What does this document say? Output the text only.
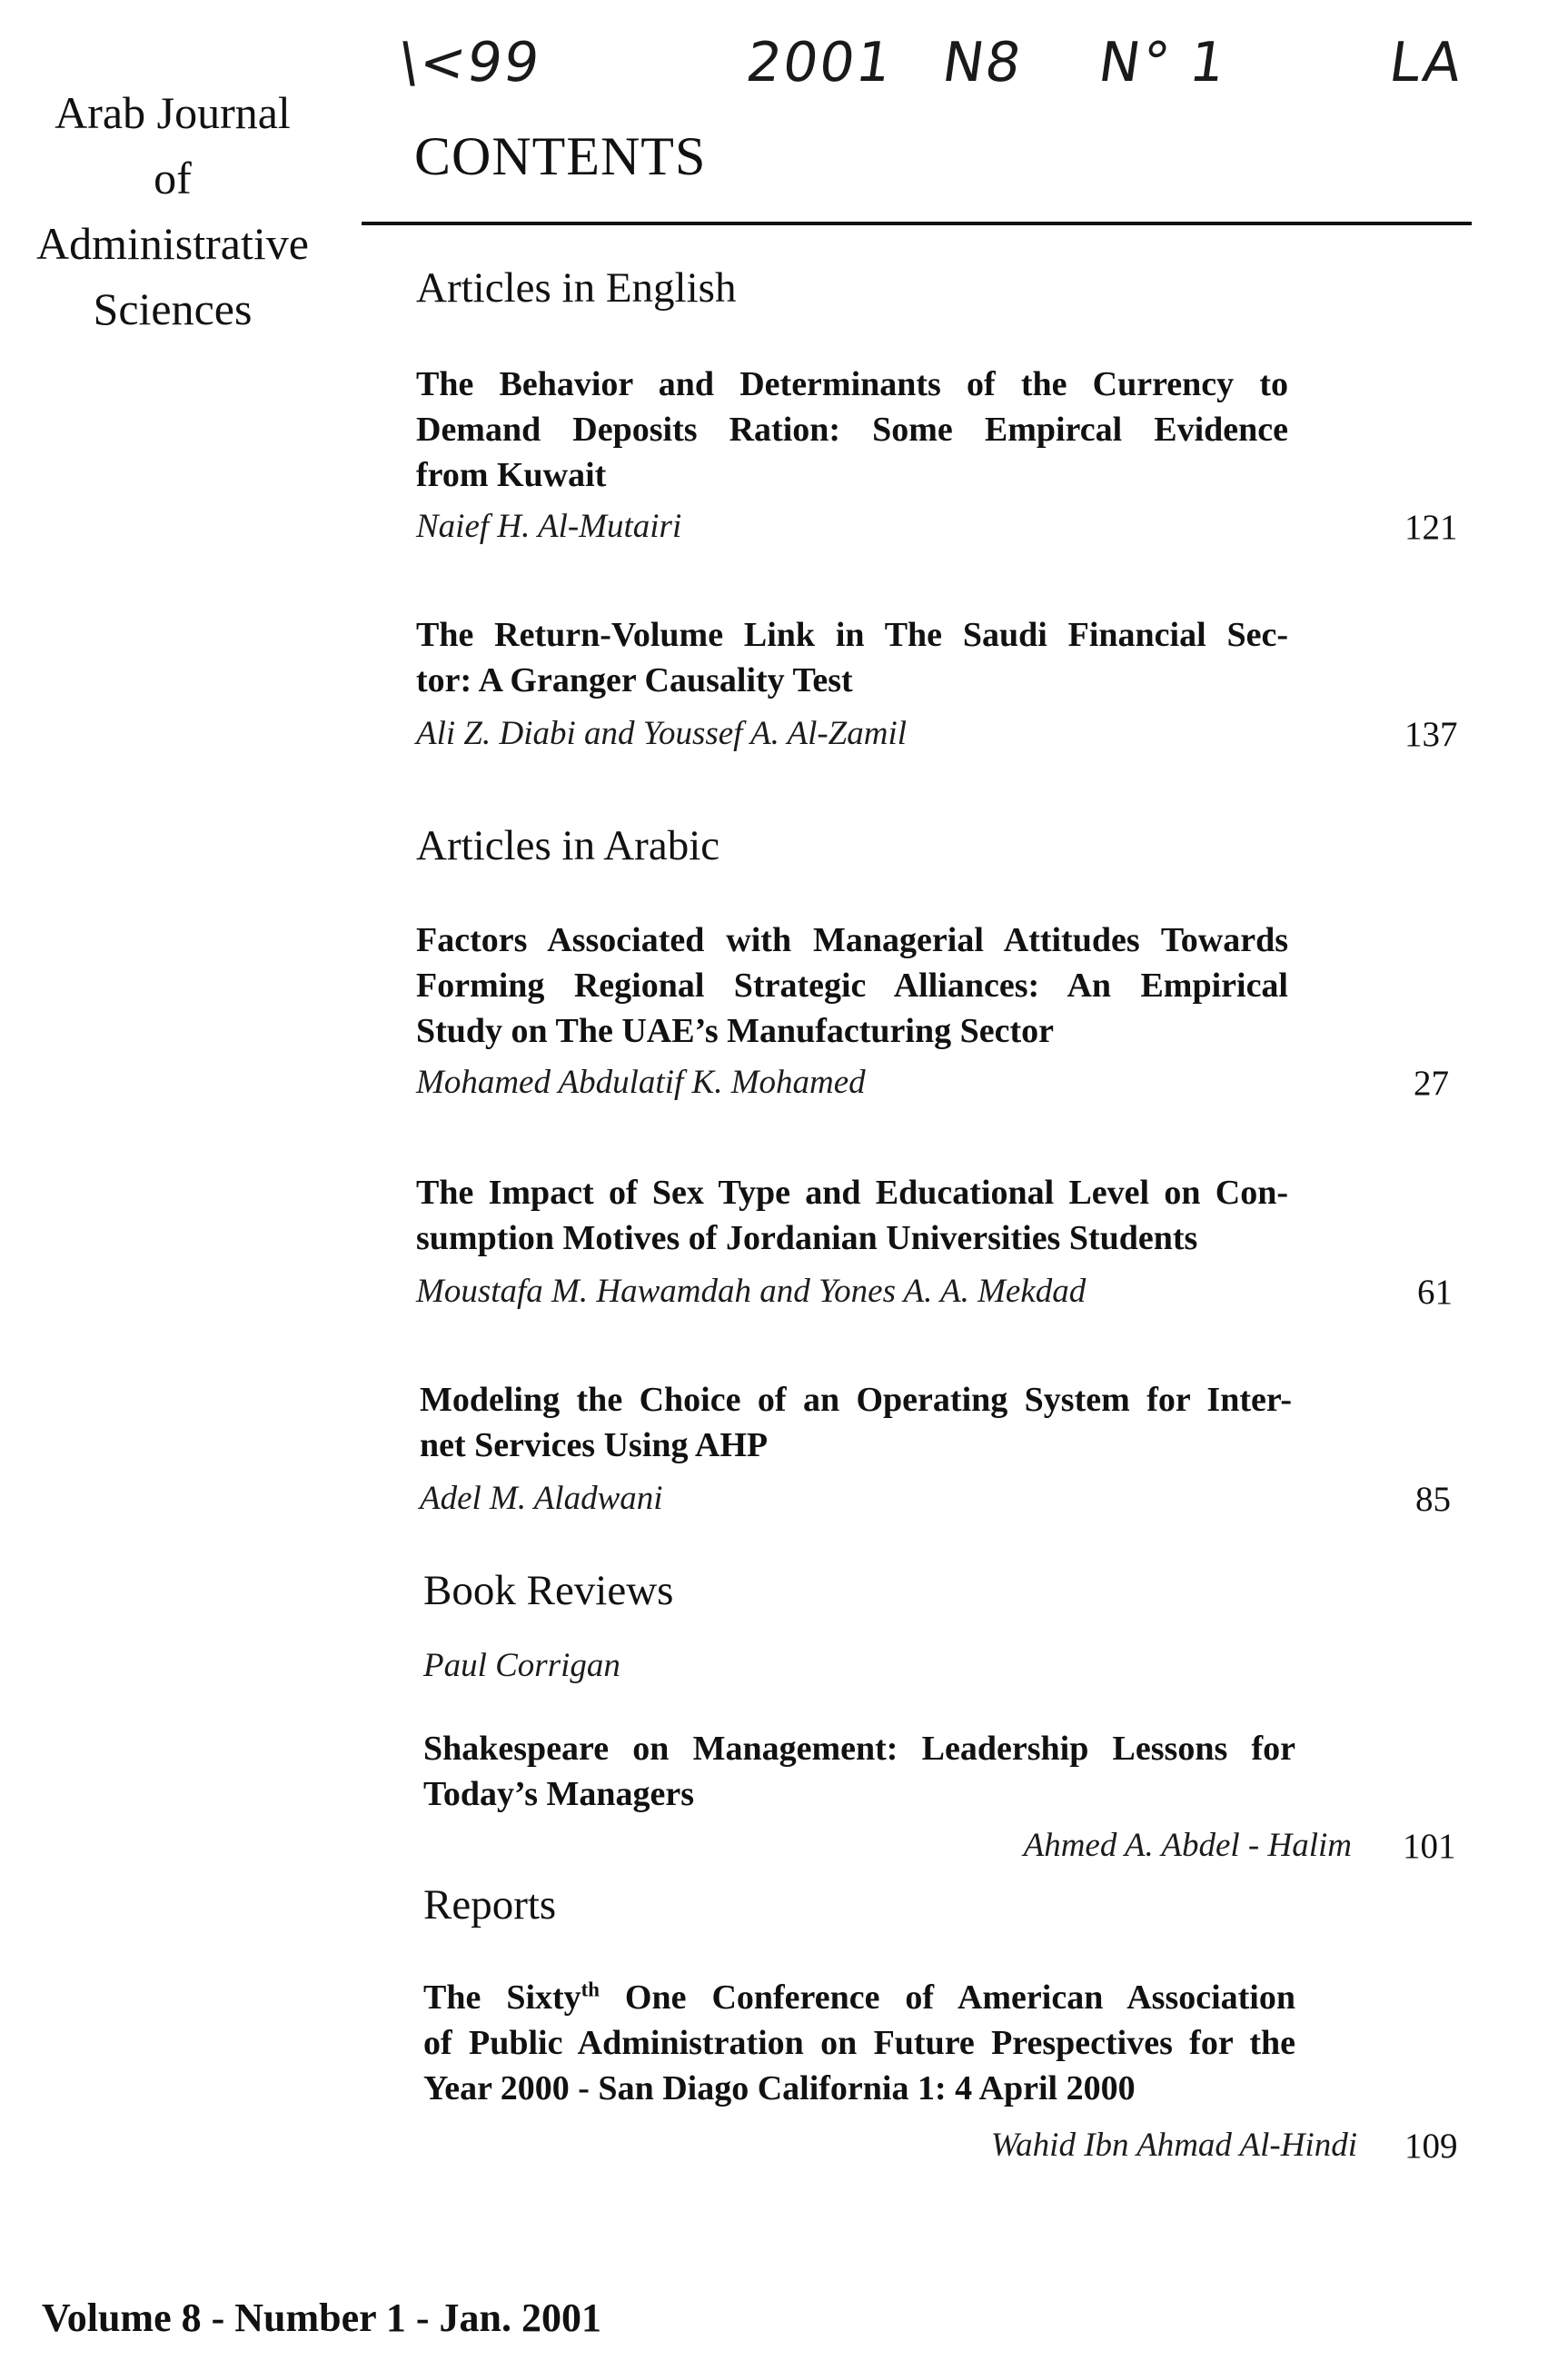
Arab Journal
of
Administrative
Sciences
\<99	2001 N8 N° 1	LA
CONTENTS
Articles in English
The Behavior and Determinants of the Currency to
Demand Deposits Ration: Some Empircal Evidence
from Kuwait
Naief H. Al-Mutairi	121
The Return-Volume Link in The Saudi Financial Sec-
tor: A Granger Causality Test
Ali Z. Diabi and Youssef A. Al-Zamil	137
Articles in Arabic
Factors Associated with Managerial Attitudes Towards
Forming Regional Strategic Alliances: An Empirical
Study on The UAE’s Manufacturing Sector
Mohamed Abdulatif K. Mohamed	27
The Impact of Sex Type and Educational Level on Con-
sumption Motives of Jordanian Universities Students
Moustafa M. Hawamdah and Yones A. A. Mekdad	61
Modeling the Choice of an Operating System for Inter-
net Services Using AHP
Adel M. Aladwani	85
Book Reviews
Paul Corrigan
Shakespeare on Management: Leadership Lessons for
Today’s Managers
Ahmed A. Abdel - Halim 101
Reports
The Sixty$^{th}$ One Conference of American Association
of Public Administration on Future Prespectives for the
Year 2000 - San Diago California 1: 4 April 2000
Wahid Ibn Ahmad Al-Hindi 109
Volume 8 - Number 1 - Jan. 2001
